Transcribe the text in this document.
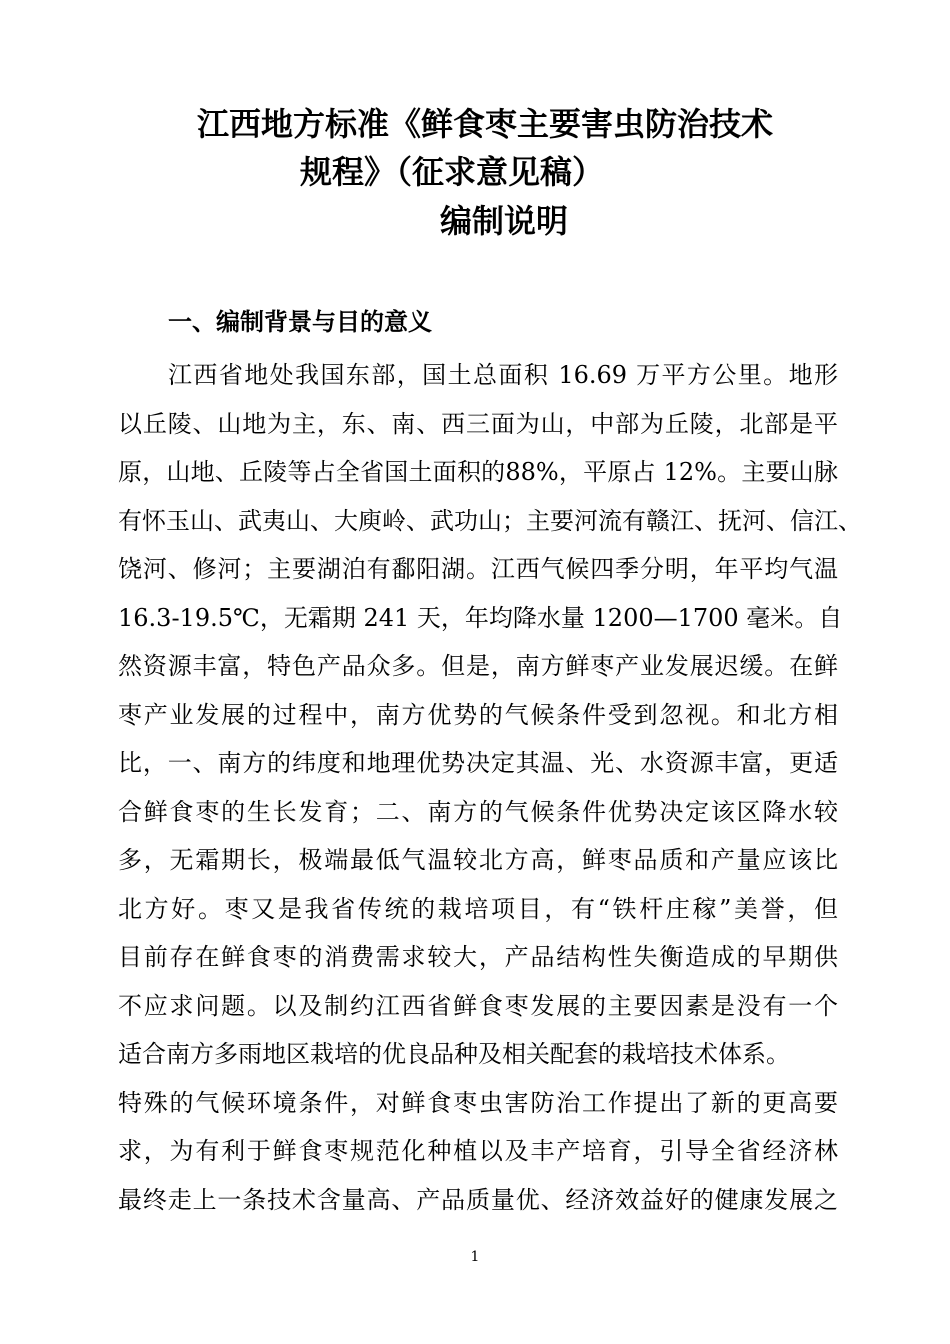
江西地方标准《鲜食枣主要害虫防治技术
规程》（征求意见稿）
编制说明
一、编制背景与目的意义
江西省地处我国东部，国土总面积 16.69 万平方公里。地形
以丘陵、山地为主，东、南、西三面为山，中部为丘陵，北部是平
原，山地、丘陵等占全省国土面积的88%，平原占 12%。主要山脉
有怀玉山、武夷山、大庾岭、武功山；主要河流有赣江、抚河、信江、
饶河、修河；主要湖泊有鄱阳湖。江西气候四季分明，年平均气温
16.3-19.5℃，无霜期 241 天，年均降水量 1200—1700 毫米。自
然资源丰富，特色产品众多。但是，南方鲜枣产业发展迟缓。在鲜
枣产业发展的过程中，南方优势的气候条件受到忽视。和北方相
比，一、南方的纬度和地理优势决定其温、光、水资源丰富，更适
合鲜食枣的生长发育；二、南方的气候条件优势决定该区降水较
多，无霜期长，极端最低气温较北方高，鲜枣品质和产量应该比
北方好。枣又是我省传统的栽培项目，有“铁杆庄稼”美誉，但
目前存在鲜食枣的消费需求较大，产品结构性失衡造成的早期供
不应求问题。以及制约江西省鲜食枣发展的主要因素是没有一个
适合南方多雨地区栽培的优良品种及相关配套的栽培技术体系。
特殊的气候环境条件，对鲜食枣虫害防治工作提出了新的更高要
求，为有利于鲜食枣规范化种植以及丰产培育，引导全省经济林
最终走上一条技术含量高、产品质量优、经济效益好的健康发展之
1
